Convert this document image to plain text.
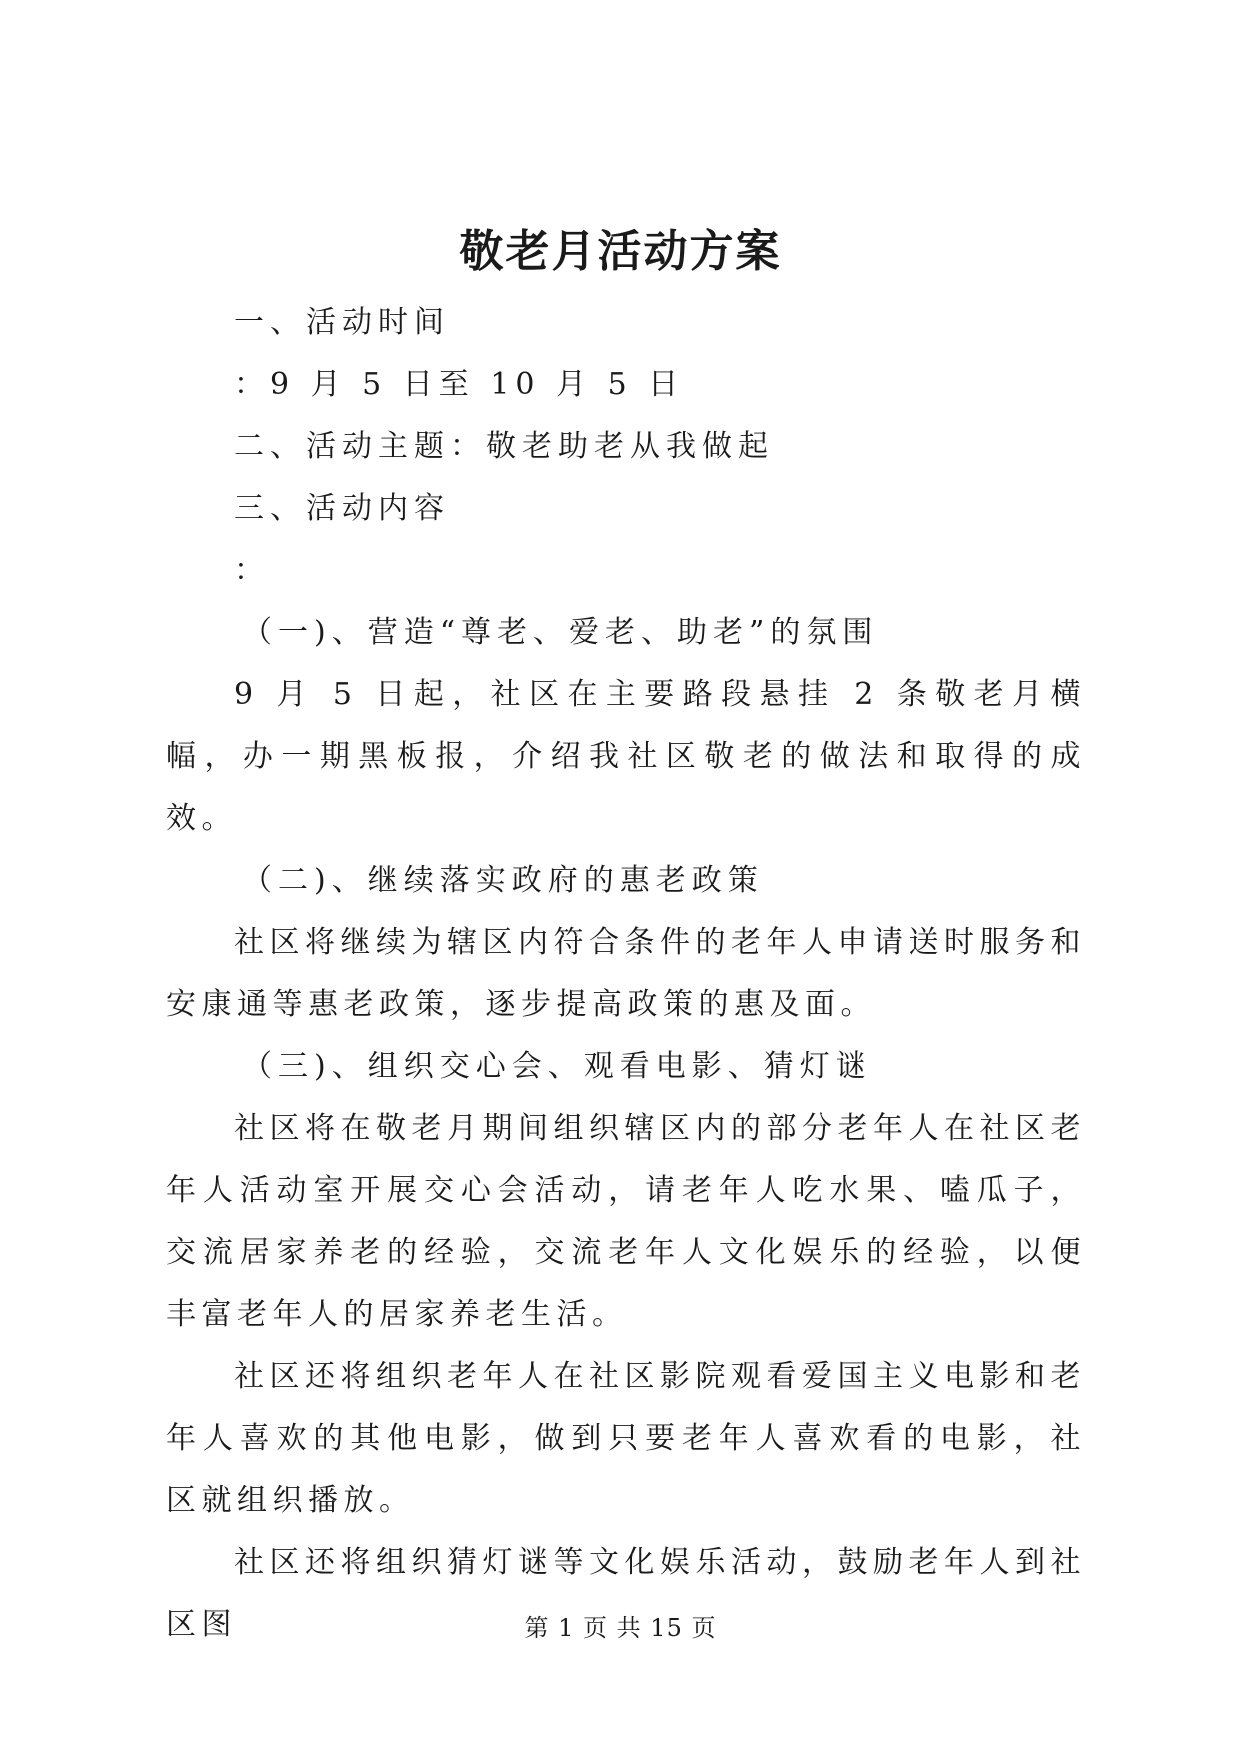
敬老月活动方案
一、活动时间
：9 月 5 日至 10 月 5 日
二、活动主题：敬老助老从我做起
三、活动内容
：
（一)、营造“尊老、爱老、助老”的氛围

9 月 5 日起，社区在主要路段悬挂 2 条敬老月横幅，办一期黑板报，介绍我社区敬老的做法和取得的成效。

（二)、继续落实政府的惠老政策

社区将继续为辖区内符合条件的老年人申请送时服务和安康通等惠老政策，逐步提高政策的惠及面。

（三)、组织交心会、观看电影、猜灯谜

社区将在敬老月期间组织辖区内的部分老年人在社区老年人活动室开展交心会活动，请老年人吃水果、嗑瓜子，交流居家养老的经验，交流老年人文化娱乐的经验，以便丰富老年人的居家养老生活。

社区还将组织老年人在社区影院观看爱国主义电影和老年人喜欢的其他电影，做到只要老年人喜欢看的电影，社区就组织播放。

社区还将组织猜灯谜等文化娱乐活动，鼓励老年人到社区图	第 1 页 共 15 页
